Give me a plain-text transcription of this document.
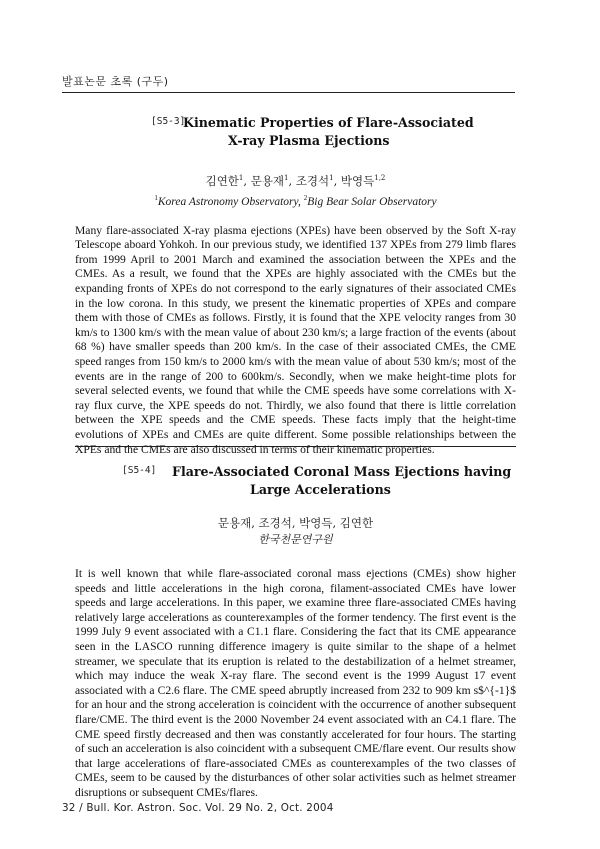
발표논문 초록 (구두)
[S5-3]
Kinematic Properties of Flare-Associated
X-ray Plasma Ejections
김연한$^1$, 문용재$^1$, 조경석$^1$, 박영득$^{1,2}$
$^1$Korea Astronomy Observatory, $^2$Big Bear Solar Observatory

Many flare-associated X-ray plasma ejections (XPEs) have been observed by the Soft X-ray Telescope aboard Yohkoh. In our previous study, we identified 137 XPEs from 279 limb flares from 1999 April to 2001 March and examined the association between the XPEs and the CMEs. As a result, we found that the XPEs are highly associated with the CMEs but the expanding fronts of XPEs do not correspond to the early signatures of their associated CMEs in the low corona. In this study, we present the kinematic properties of XPEs and compare them with those of CMEs as follows. Firstly, it is found that the XPE velocity ranges from 30 km/s to 1300 km/s with the mean value of about 230 km/s; a large fraction of the events (about 68 %) have smaller speeds than 200 km/s. In the case of their associated CMEs, the CME speed ranges from 150 km/s to 2000 km/s with the mean value of about 530 km/s; most of the events are in the range of 200 to 600km/s. Secondly, when we make height-time plots for several selected events, we found that while the CME speeds have some correlations with X-ray flux curve, the XPE speeds do not. Thirdly, we also found that there is little correlation between the XPE speeds and the CME speeds. These facts imply that the height-time evolutions of XPEs and CMEs are quite different. Some possible relationships between the XPEs and the CMEs are also discussed in terms of their kinematic properties.

[S5-4]	Flare-Associated Coronal Mass Ejections having
Large Accelerations
문용재, 조경석, 박영득, 김연한
한국천문연구원

It is well known that while flare-associated coronal mass ejections (CMEs) show higher speeds and little accelerations in the high corona, filament-associated CMEs have lower speeds and large accelerations. In this paper, we examine three flare-associated CMEs having relatively large accelerations as counterexamples of the former tendency. The first event is the 1999 July 9 event associated with a C1.1 flare. Considering the fact that its CME appearance seen in the LASCO running difference imagery is quite similar to the shape of a helmet streamer, we speculate that its eruption is related to the destabilization of a helmet streamer, which may induce the weak X-ray flare. The second event is the 1999 August 17 event associated with a C2.6 flare. The CME speed abruptly increased from 232 to 909 km s$^{-1}$ for an hour and the strong acceleration is coincident with the occurrence of another subsequent flare/CME. The third event is the 2000 November 24 event associated with an C4.1 flare. The CME speed firstly decreased and then was constantly accelerated for four hours. The starting of such an acceleration is also coincident with a subsequent CME/flare event. Our results show that large accelerations of flare-associated CMEs as counterexamples of the two classes of CMEs, seem to be caused by the disturbances of other solar activities such as helmet streamer disruptions or subsequent CMEs/flares.

32 / Bull. Kor. Astron. Soc. Vol. 29 No. 2, Oct. 2004
